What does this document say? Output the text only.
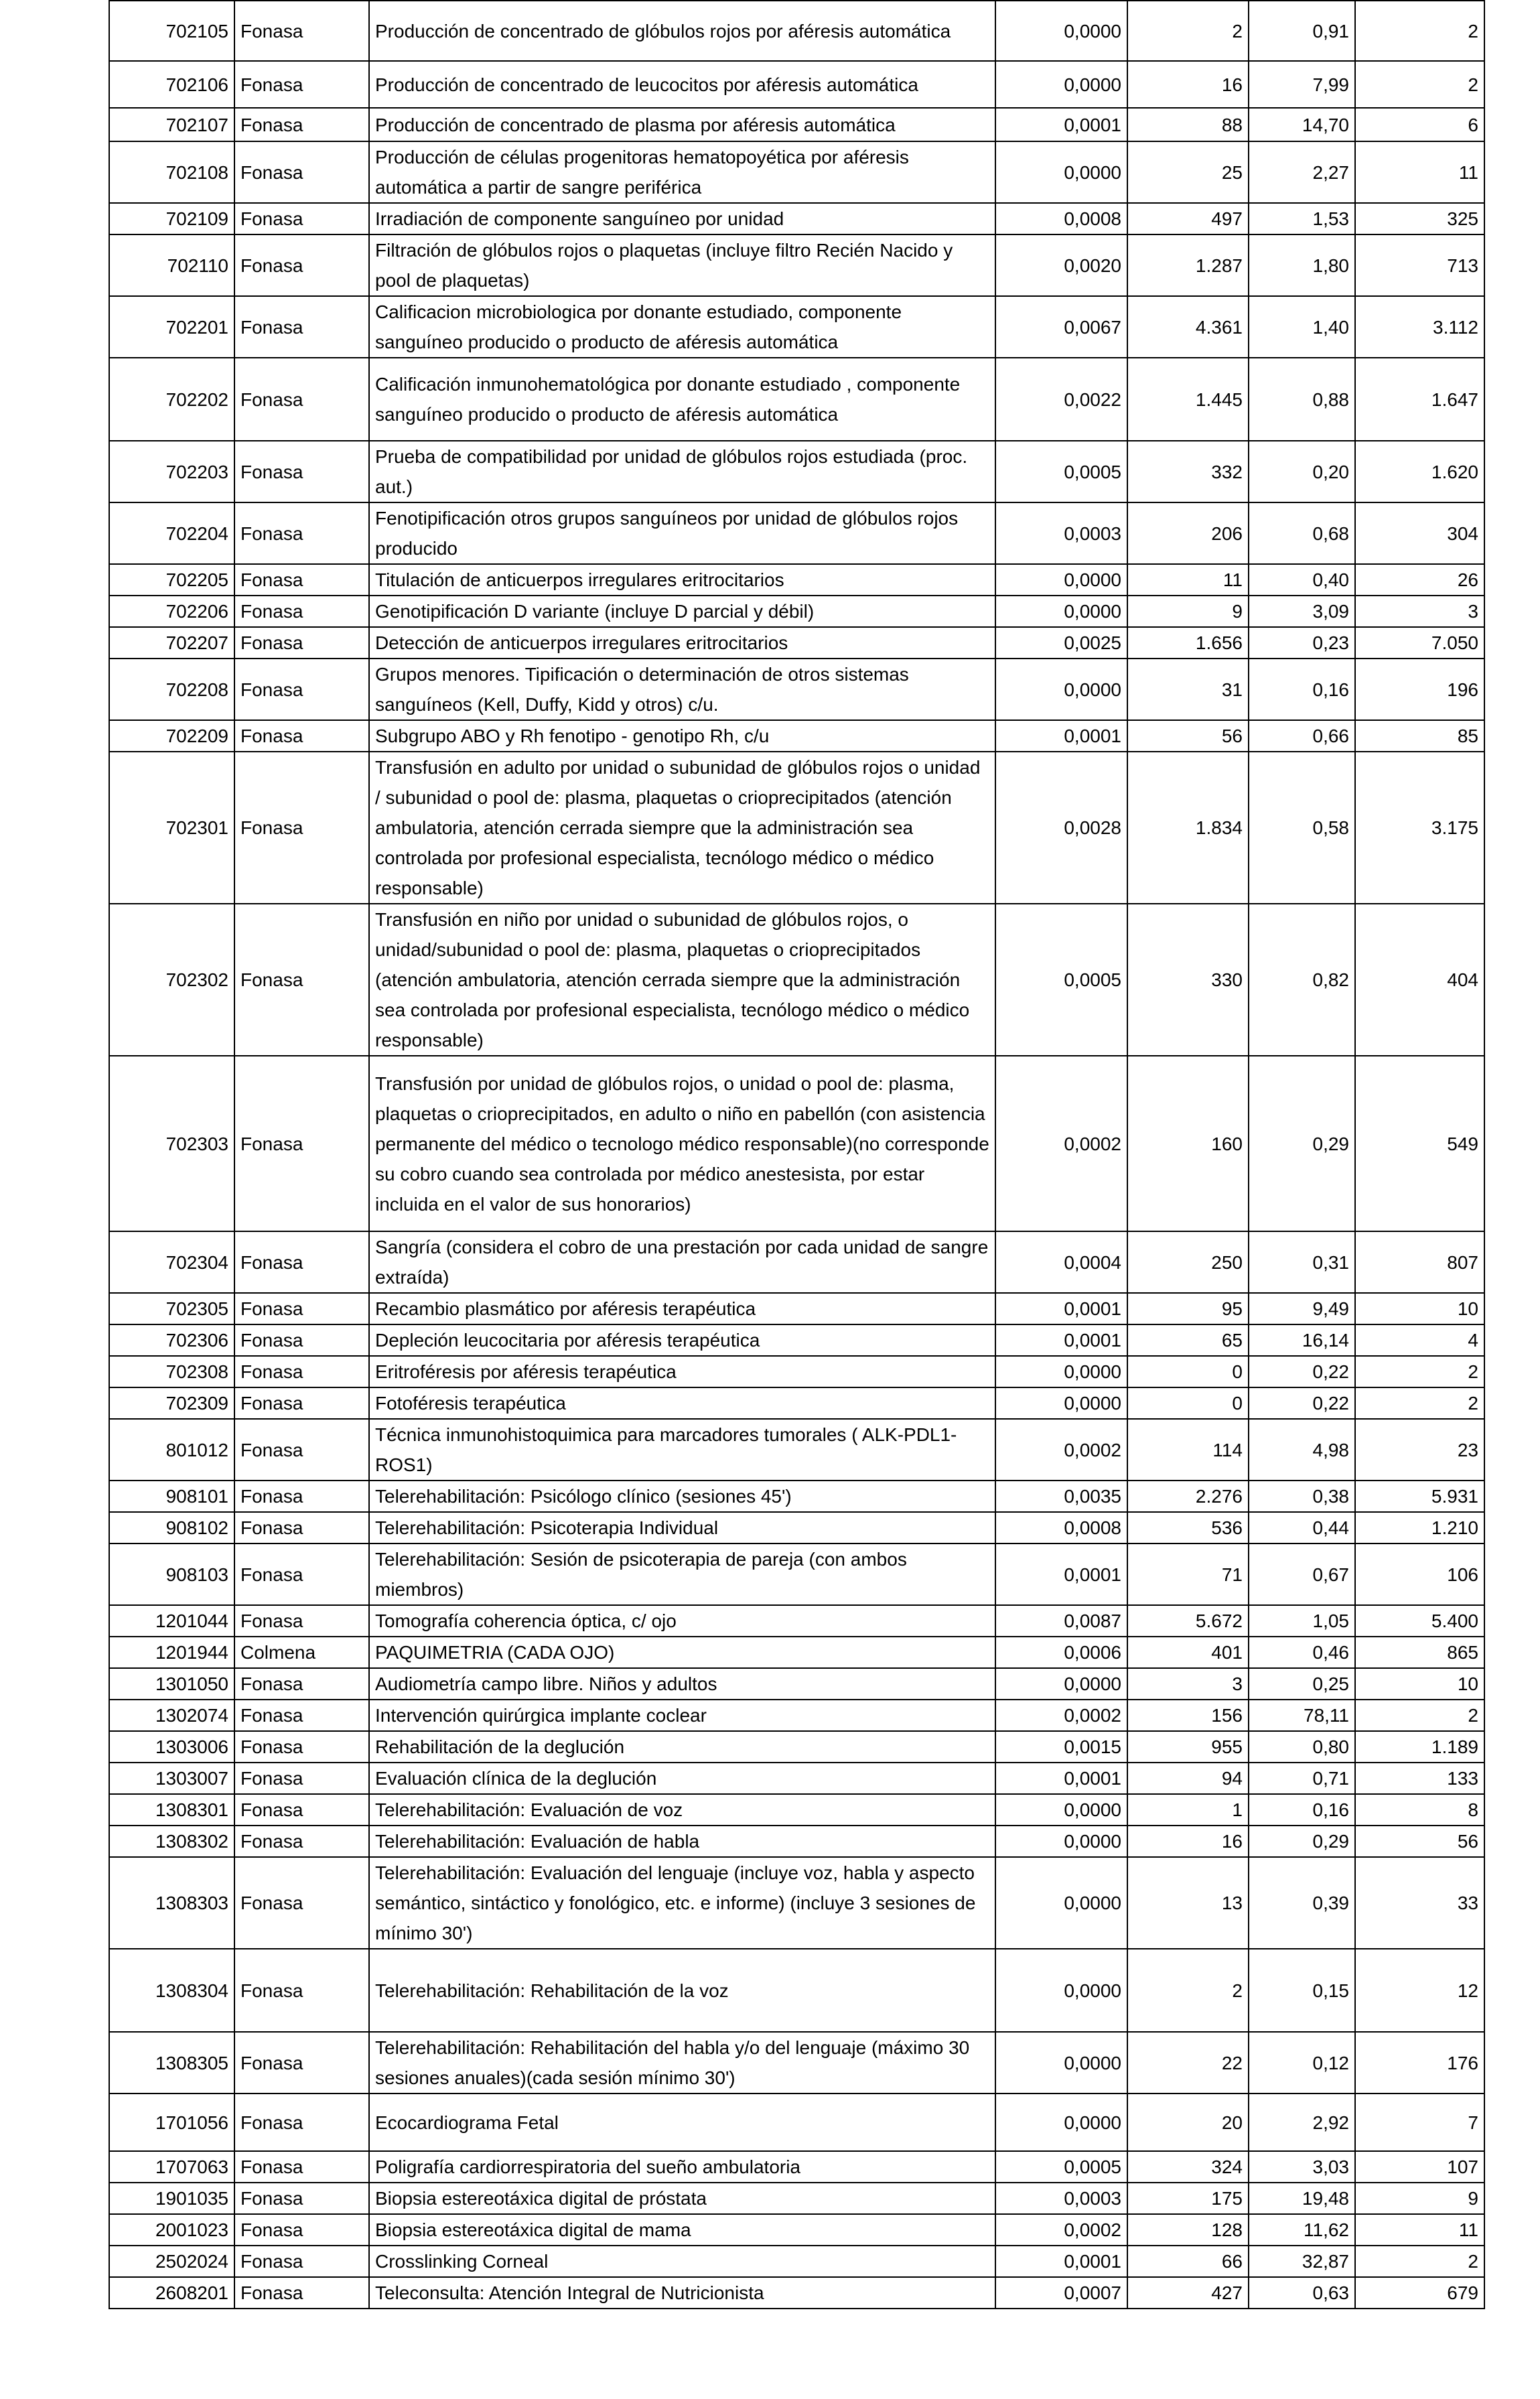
702105	Fonasa	Producción de concentrado de glóbulos rojos por aféresis automática	0,0000	2	0,91	2
702106	Fonasa	Producción de concentrado de leucocitos por aféresis automática	0,0000	16	7,99	2
702107	Fonasa	Producción de concentrado de plasma por aféresis automática	0,0001	88	14,70	6
702108	Fonasa	Producción de células progenitoras hematopoyética por aféresis automática a partir de sangre periférica	0,0000	25	2,27	11
702109	Fonasa	Irradiación de componente sanguíneo por unidad	0,0008	497	1,53	325
702110	Fonasa	Filtración de glóbulos rojos o plaquetas (incluye filtro Recién Nacido y pool de plaquetas)	0,0020	1.287	1,80	713
702201	Fonasa	Calificacion microbiologica por donante estudiado, componente sanguíneo producido o producto de aféresis automática	0,0067	4.361	1,40	3.112
702202	Fonasa	Calificación inmunohematológica por donante estudiado , componente sanguíneo producido o producto de aféresis automática	0,0022	1.445	0,88	1.647
702203	Fonasa	Prueba de compatibilidad por unidad de glóbulos rojos estudiada (proc. aut.)	0,0005	332	0,20	1.620
702204	Fonasa	Fenotipificación otros grupos sanguíneos por unidad de glóbulos rojos producido	0,0003	206	0,68	304
702205	Fonasa	Titulación de anticuerpos irregulares eritrocitarios	0,0000	11	0,40	26
702206	Fonasa	Genotipificación D variante (incluye D parcial y débil)	0,0000	9	3,09	3
702207	Fonasa	Detección de anticuerpos irregulares eritrocitarios	0,0025	1.656	0,23	7.050
702208	Fonasa	Grupos menores. Tipificación o determinación de otros sistemas sanguíneos (Kell, Duffy, Kidd y otros) c/u.	0,0000	31	0,16	196
702209	Fonasa	Subgrupo ABO y Rh fenotipo - genotipo Rh, c/u	0,0001	56	0,66	85
702301	Fonasa	Transfusión en adulto por unidad o subunidad de glóbulos rojos o unidad / subunidad o pool de: plasma, plaquetas o crioprecipitados (atención ambulatoria, atención cerrada siempre que la administración sea controlada por profesional especialista, tecnólogo médico o médico responsable)	0,0028	1.834	0,58	3.175
702302	Fonasa	Transfusión en niño por unidad o subunidad de glóbulos rojos, o unidad/subunidad o pool de: plasma, plaquetas o crioprecipitados (atención ambulatoria, atención cerrada siempre que la administración sea controlada por profesional especialista, tecnólogo médico o médico responsable)	0,0005	330	0,82	404
702303	Fonasa	Transfusión por unidad de glóbulos rojos, o unidad o pool de: plasma, plaquetas o crioprecipitados, en adulto o niño en pabellón (con asistencia permanente del médico o tecnologo médico responsable)(no corresponde su cobro cuando sea controlada por médico anestesista, por estar incluida en el valor de sus honorarios)	0,0002	160	0,29	549
702304	Fonasa	Sangría (considera el cobro de una prestación por cada unidad de sangre extraída)	0,0004	250	0,31	807
702305	Fonasa	Recambio plasmático por aféresis terapéutica	0,0001	95	9,49	10
702306	Fonasa	Depleción leucocitaria por aféresis terapéutica	0,0001	65	16,14	4
702308	Fonasa	Eritroféresis por aféresis terapéutica	0,0000	0	0,22	2
702309	Fonasa	Fotoféresis terapéutica	0,0000	0	0,22	2
801012	Fonasa	Técnica inmunohistoquimica para marcadores tumorales ( ALK-PDL1-ROS1)	0,0002	114	4,98	23
908101	Fonasa	Telerehabilitación: Psicólogo clínico (sesiones 45')	0,0035	2.276	0,38	5.931
908102	Fonasa	Telerehabilitación: Psicoterapia Individual	0,0008	536	0,44	1.210
908103	Fonasa	Telerehabilitación: Sesión de psicoterapia de pareja (con ambos miembros)	0,0001	71	0,67	106
1201044	Fonasa	Tomografía coherencia óptica, c/ ojo	0,0087	5.672	1,05	5.400
1201944	Colmena	PAQUIMETRIA (CADA OJO)	0,0006	401	0,46	865
1301050	Fonasa	Audiometría campo libre. Niños y adultos	0,0000	3	0,25	10
1302074	Fonasa	Intervención quirúrgica implante coclear	0,0002	156	78,11	2
1303006	Fonasa	Rehabilitación de la deglución	0,0015	955	0,80	1.189
1303007	Fonasa	Evaluación clínica de la deglución	0,0001	94	0,71	133
1308301	Fonasa	Telerehabilitación: Evaluación de voz	0,0000	1	0,16	8
1308302	Fonasa	Telerehabilitación: Evaluación de habla	0,0000	16	0,29	56
1308303	Fonasa	Telerehabilitación: Evaluación del lenguaje (incluye voz, habla y aspecto semántico, sintáctico y fonológico, etc. e informe) (incluye 3 sesiones de mínimo 30')	0,0000	13	0,39	33
1308304	Fonasa	Telerehabilitación: Rehabilitación de la voz	0,0000	2	0,15	12
1308305	Fonasa	Telerehabilitación: Rehabilitación del habla y/o del lenguaje (máximo 30 sesiones anuales)(cada sesión mínimo 30')	0,0000	22	0,12	176
1701056	Fonasa	Ecocardiograma Fetal	0,0000	20	2,92	7
1707063	Fonasa	Poligrafía cardiorrespiratoria del sueño ambulatoria	0,0005	324	3,03	107
1901035	Fonasa	Biopsia estereotáxica digital de próstata	0,0003	175	19,48	9
2001023	Fonasa	Biopsia estereotáxica digital de mama	0,0002	128	11,62	11
2502024	Fonasa	Crosslinking Corneal	0,0001	66	32,87	2
2608201	Fonasa	Teleconsulta: Atención Integral de Nutricionista	0,0007	427	0,63	679
